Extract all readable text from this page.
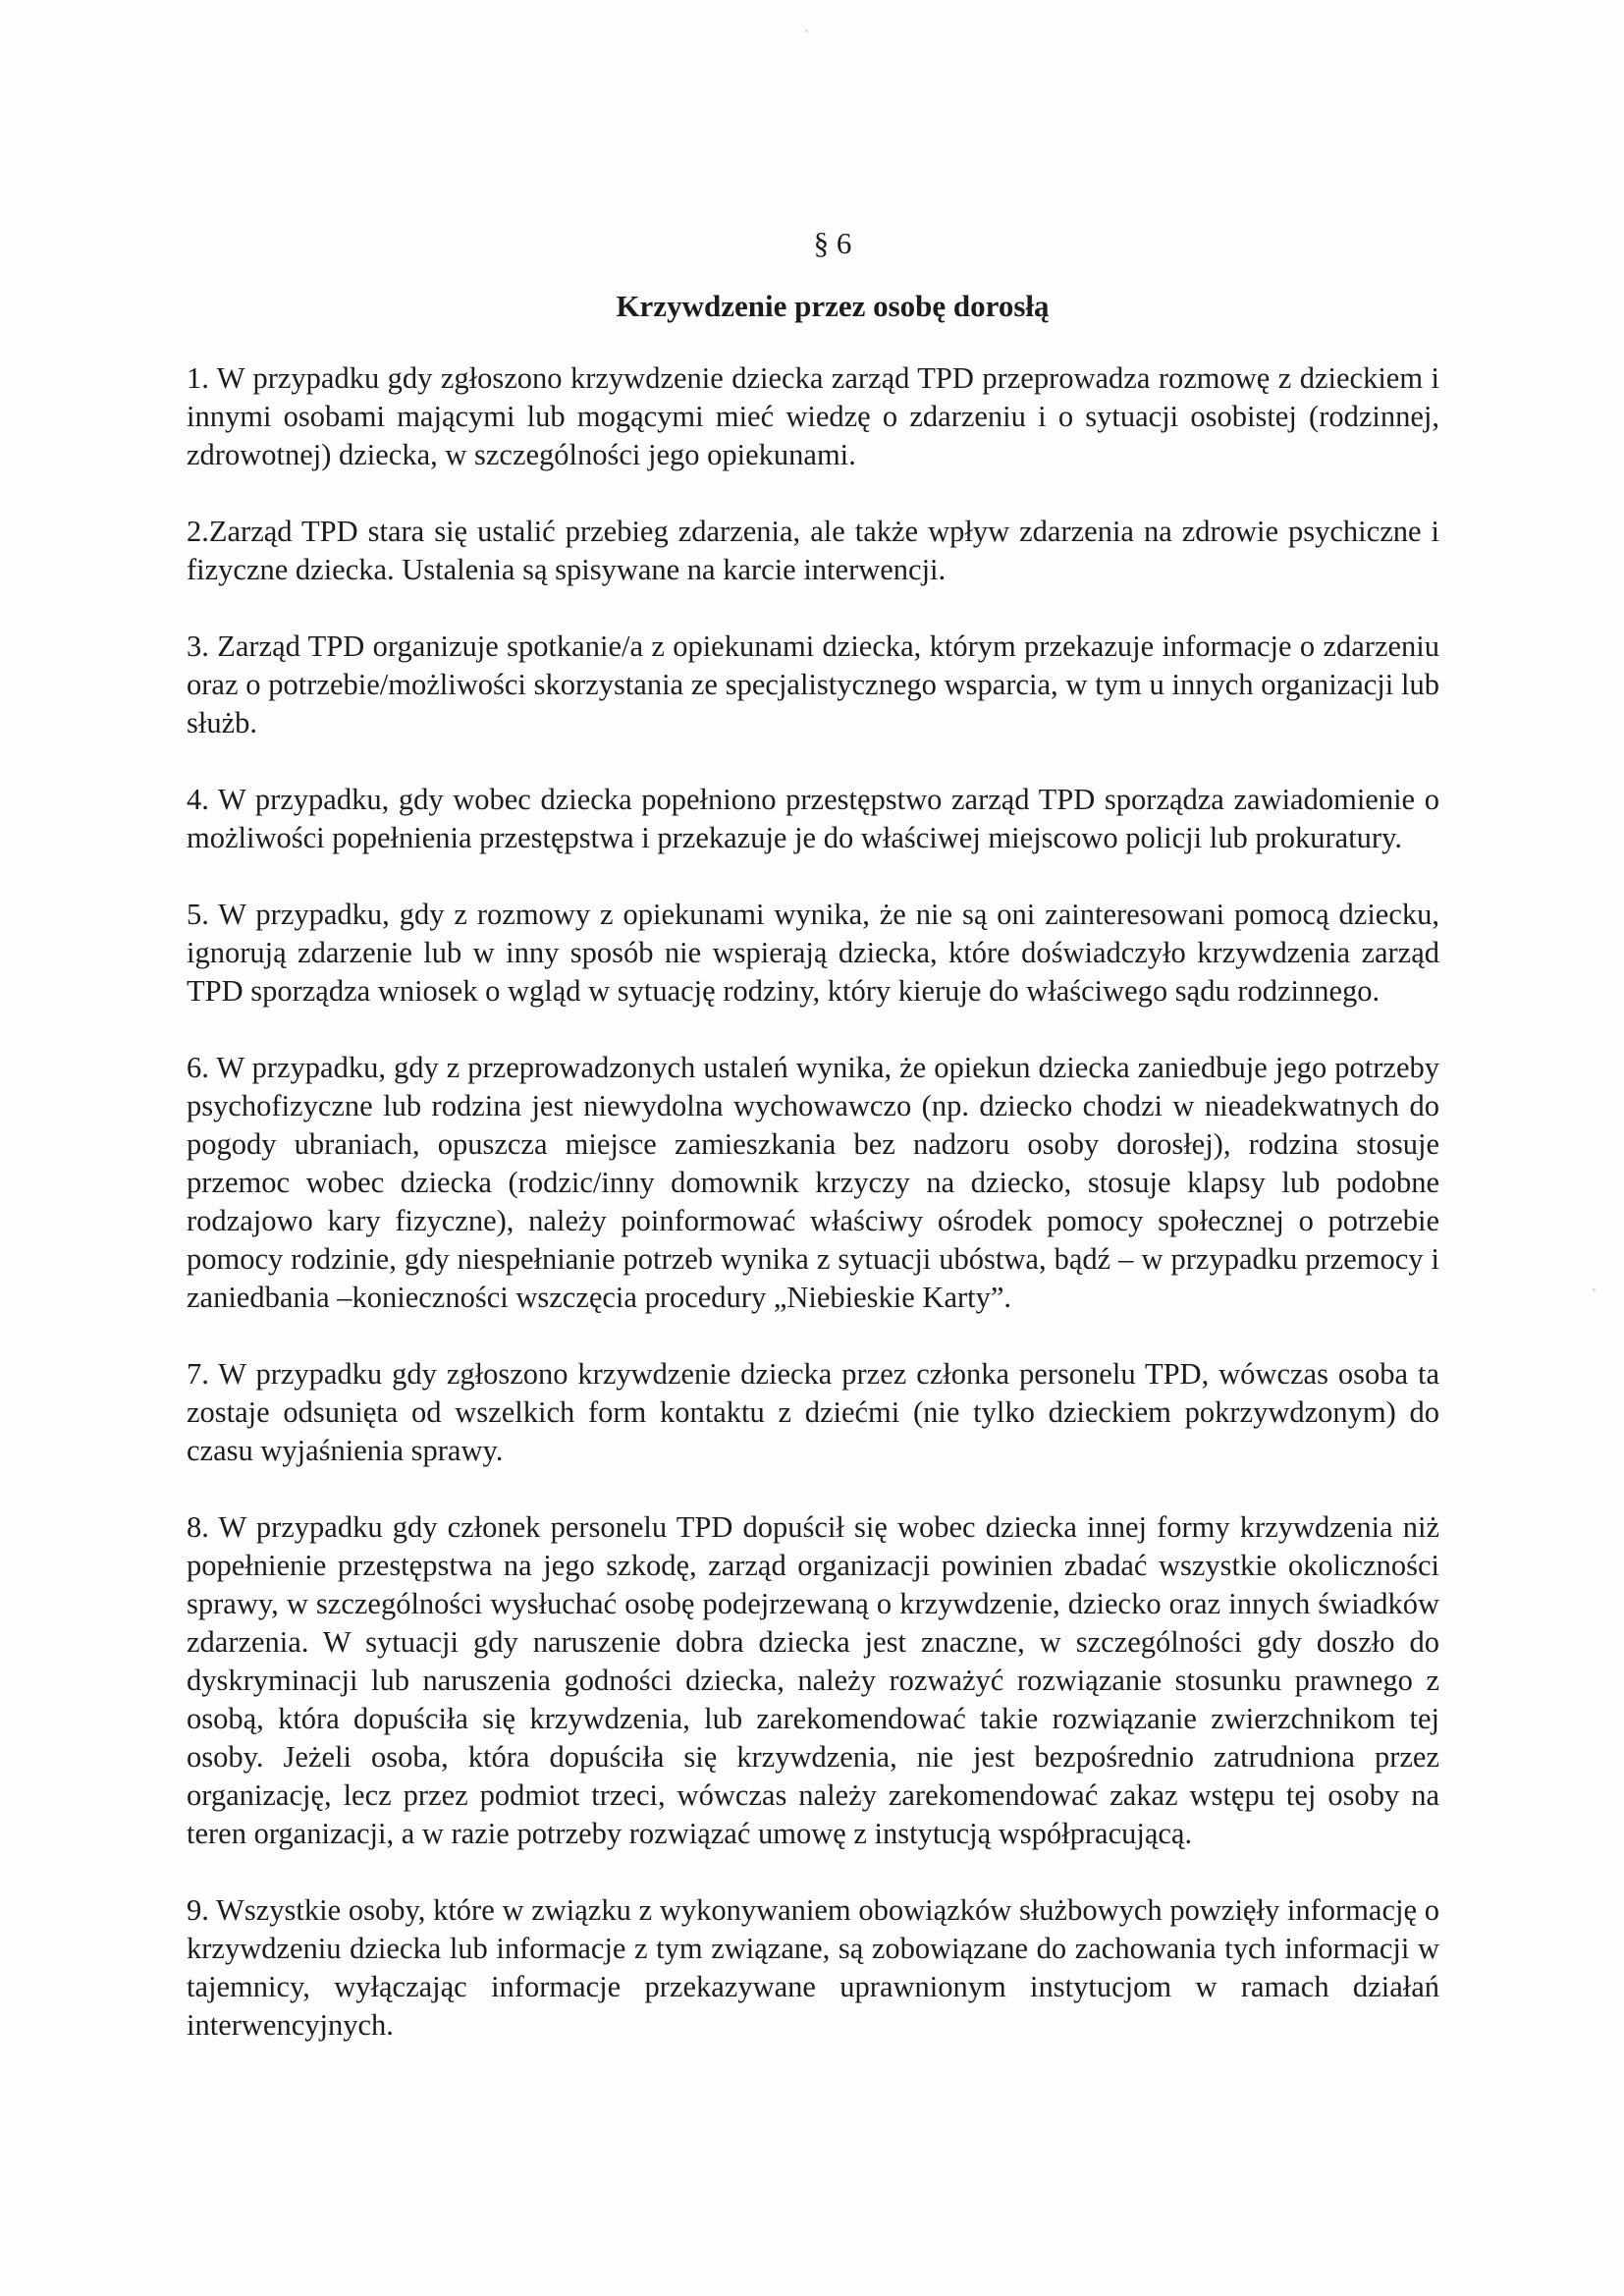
§ 6
Krzywdzenie przez osobę dorosłą

1. W przypadku gdy zgłoszono krzywdzenie dziecka zarząd TPD przeprowadza rozmowę z dzieckiem i innymi osobami mającymi lub mogącymi mieć wiedzę o zdarzeniu i o sytuacji osobistej (rodzinnej, zdrowotnej) dziecka, w szczególności jego opiekunami.

2.Zarząd TPD stara się ustalić przebieg zdarzenia, ale także wpływ zdarzenia na zdrowie psychiczne i fizyczne dziecka. Ustalenia są spisywane na karcie interwencji.

3. Zarząd TPD organizuje spotkanie/a z opiekunami dziecka, którym przekazuje informacje o zdarzeniu oraz o potrzebie/możliwości skorzystania ze specjalistycznego wsparcia, w tym u innych organizacji lub służb.

4. W przypadku, gdy wobec dziecka popełniono przestępstwo zarząd TPD sporządza zawiadomienie o możliwości popełnienia przestępstwa i przekazuje je do właściwej miejscowo policji lub prokuratury.

5. W przypadku, gdy z rozmowy z opiekunami wynika, że nie są oni zainteresowani pomocą dziecku, ignorują zdarzenie lub w inny sposób nie wspierają dziecka, które doświadczyło krzywdzenia zarząd TPD sporządza wniosek o wgląd w sytuację rodziny, który kieruje do właściwego sądu rodzinnego.

6. W przypadku, gdy z przeprowadzonych ustaleń wynika, że opiekun dziecka zaniedbuje jego potrzeby psychofizyczne lub rodzina jest niewydolna wychowawczo (np. dziecko chodzi w nieadekwatnych do pogody ubraniach, opuszcza miejsce zamieszkania bez nadzoru osoby dorosłej), rodzina stosuje przemoc wobec dziecka (rodzic/inny domownik krzyczy na dziecko, stosuje klapsy lub podobne rodzajowo kary fizyczne), należy poinformować właściwy ośrodek pomocy społecznej o potrzebie pomocy rodzinie, gdy niespełnianie potrzeb wynika z sytuacji ubóstwa, bądź – w przypadku przemocy i zaniedbania –konieczności wszczęcia procedury „Niebieskie Karty”.

7. W przypadku gdy zgłoszono krzywdzenie dziecka przez członka personelu TPD, wówczas osoba ta zostaje odsunięta od wszelkich form kontaktu z dziećmi (nie tylko dzieckiem pokrzywdzonym) do czasu wyjaśnienia sprawy.

8. W przypadku gdy członek personelu TPD dopuścił się wobec dziecka innej formy krzywdzenia niż popełnienie przestępstwa na jego szkodę, zarząd organizacji powinien zbadać wszystkie okoliczności sprawy, w szczególności wysłuchać osobę podejrzewaną o krzywdzenie, dziecko oraz innych świadków zdarzenia. W sytuacji gdy naruszenie dobra dziecka jest znaczne, w szczególności gdy doszło do dyskryminacji lub naruszenia godności dziecka, należy rozważyć rozwiązanie stosunku prawnego z osobą, która dopuściła się krzywdzenia, lub zarekomendować takie rozwiązanie zwierzchnikom tej osoby. Jeżeli osoba, która dopuściła się krzywdzenia, nie jest bezpośrednio zatrudniona przez organizację, lecz przez podmiot trzeci, wówczas należy zarekomendować zakaz wstępu tej osoby na teren organizacji, a w razie potrzeby rozwiązać umowę z instytucją współpracującą.

9. Wszystkie osoby, które w związku z wykonywaniem obowiązków służbowych powzięły informację o krzywdzeniu dziecka lub informacje z tym związane, są zobowiązane do zachowania tych informacji w tajemnicy, wyłączając informacje przekazywane uprawnionym instytucjom w ramach działań interwencyjnych.
